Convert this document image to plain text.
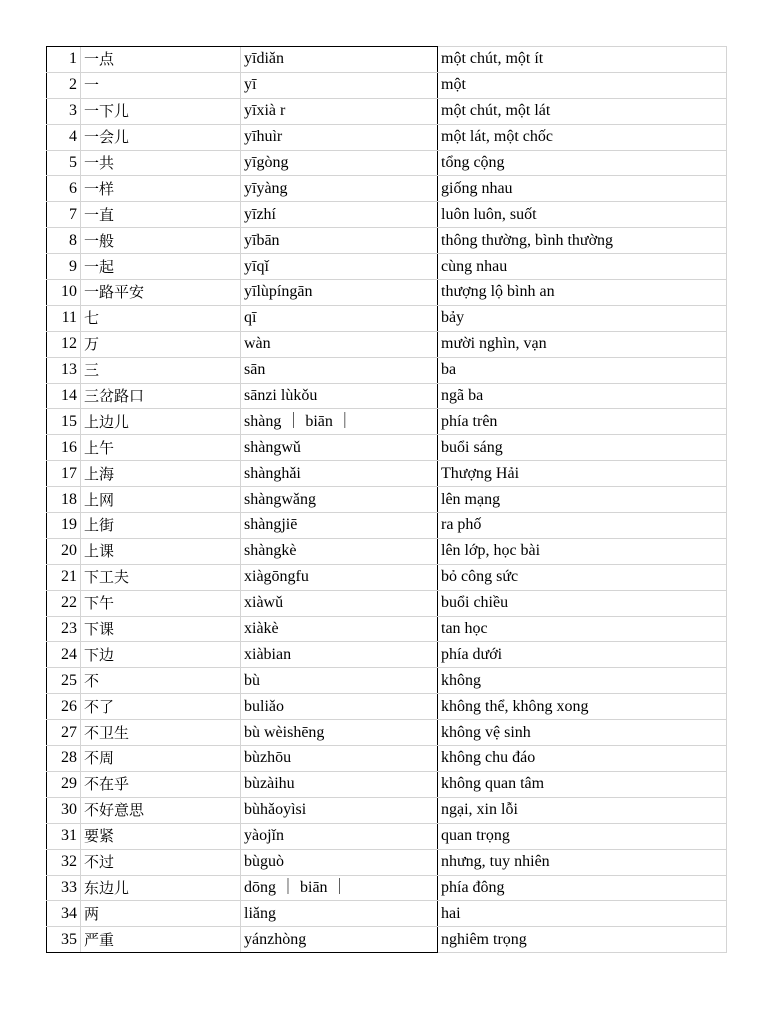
1	一点	yīdiǎn	một chút, một ít
2	一	yī	một
3	一下儿	yīxià r	một chút, một lát
4	一会儿	yīhuìr	một lát, một chốc
5	一共	yīgòng	tổng cộng
6	一样	yīyàng	giống nhau
7	一直	yīzhí	luôn luôn, suốt
8	一般	yībān	thông thường, bình thường
9	一起	yīqǐ	cùng nhau
10	一路平安	yīlùpíngān	thượng lộ bình an
11	七	qī	bảy
12	万	wàn	mười nghìn, vạn
13	三	sān	ba
14	三岔路口	sānzi lùkǒu	ngã ba
15	上边儿	shàng ｜ biān ｜	phía trên
16	上午	shàngwǔ	buổi sáng
17	上海	shànghǎi	Thượng Hải
18	上网	shàngwǎng	lên mạng
19	上街	shàngjiē	ra phố
20	上课	shàngkè	lên lớp, học bài
21	下工夫	xiàgōngfu	bỏ công sức
22	下午	xiàwǔ	buổi chiều
23	下课	xiàkè	tan học
24	下边	xiàbian	phía dưới
25	不	bù	không
26	不了	buliǎo	không thể, không xong
27	不卫生	bù wèishēng	không vệ sinh
28	不周	bùzhōu	không chu đáo
29	不在乎	bùzàihu	không quan tâm
30	不好意思	bùhǎoyìsi	ngại, xin lỗi
31	要紧	yàojǐn	quan trọng
32	不过	bùguò	nhưng, tuy nhiên
33	东边儿	dōng ｜ biān ｜	phía đông
34	两	liǎng	hai
35	严重	yánzhòng	nghiêm trọng
